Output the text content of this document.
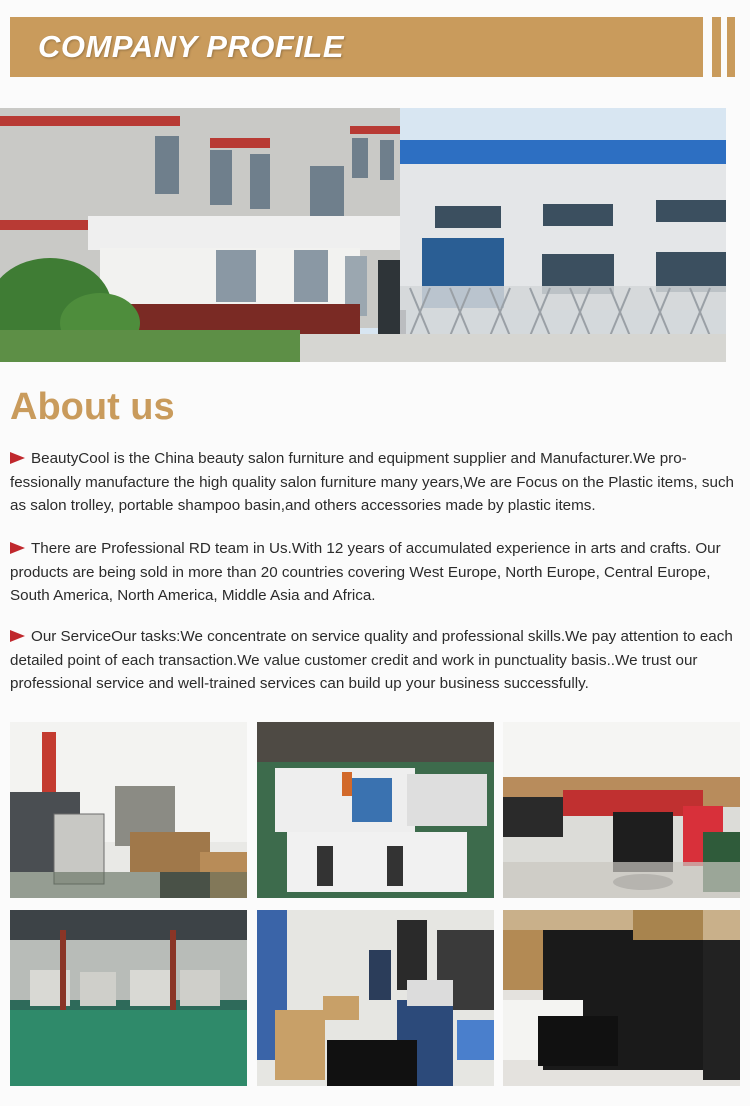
COMPANY PROFILE
About us
BeautyCool is the China beauty salon furniture and equipment supplier and Manufacturer.We pro-fessionally manufacture the high quality salon furniture many years,We are Focus on the Plastic items, such as salon trolley, portable shampoo basin,and others accessories made by plastic items.
There are Professional RD team in Us.With 12 years of accumulated experience in arts and crafts. Our products are being sold in more than 20 countries covering West Europe, North Europe, Central Europe, South America, North America, Middle Asia and Africa.
Our ServiceOur tasks:We concentrate on service quality and professional skills.We pay attention to each detailed point of each transaction.We value customer credit and work in punctuality basis..We trust our professional service and well-trained services can build up your business successfully.
